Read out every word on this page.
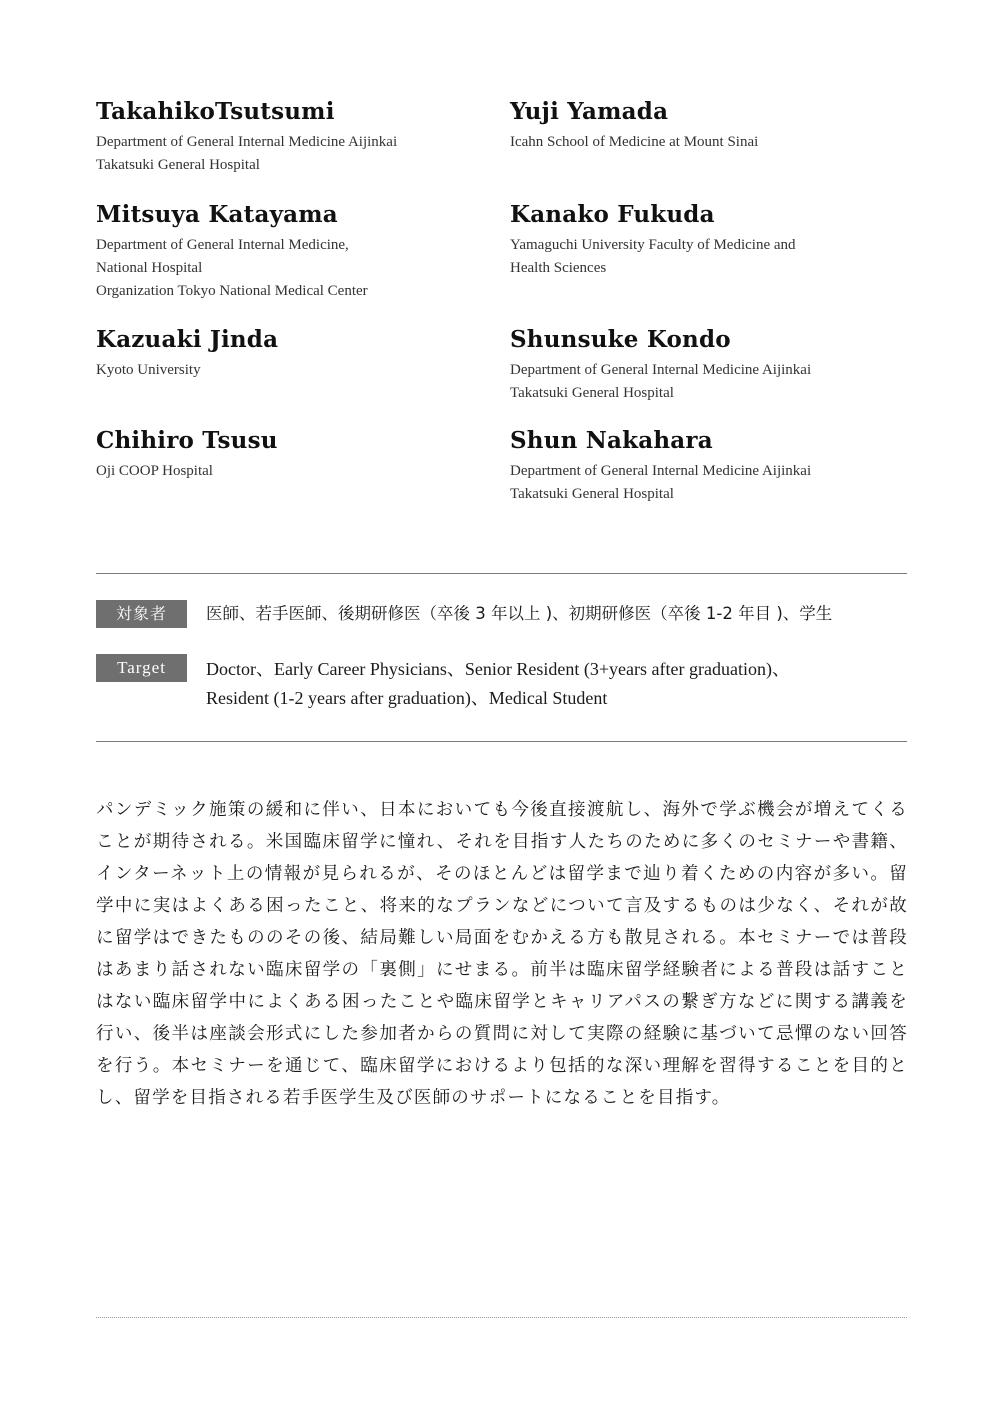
TakahikoTsutsumi
Department of General Internal Medicine Aijinkai
Takatsuki General Hospital
Yuji Yamada
Icahn School of Medicine at Mount Sinai
Mitsuya Katayama
Department of General Internal Medicine,
National Hospital
Organization Tokyo National Medical Center
Kanako Fukuda
Yamaguchi University Faculty of Medicine and
Health Sciences
Kazuaki Jinda
Kyoto University
Shunsuke Kondo
Department of General Internal Medicine Aijinkai
Takatsuki General Hospital
Chihiro Tsusu
Oji COOP Hospital
Shun Nakahara
Department of General Internal Medicine Aijinkai
Takatsuki General Hospital
対象者	医師、若手医師、後期研修医（卒後 3 年以上 )、初期研修医（卒後 1-2 年目 )、学生
Target	Doctor、Early Career Physicians、Senior Resident (3+years after graduation)、
Resident (1-2 years after graduation)、Medical Student

パンデミック施策の緩和に伴い、日本においても今後直接渡航し、海外で学ぶ機会が増えてくることが期待される。米国臨床留学に憧れ、それを目指す人たちのために多くのセミナーや書籍、インターネット上の情報が見られるが、そのほとんどは留学まで辿り着くための内容が多い。留学中に実はよくある困ったこと、将来的なプランなどについて言及するものは少なく、それが故に留学はできたもののその後、結局難しい局面をむかえる方も散見される。本セミナーでは普段はあまり話されない臨床留学の「裏側」にせまる。前半は臨床留学経験者による普段は話すことはない臨床留学中によくある困ったことや臨床留学とキャリアパスの繋ぎ方などに関する講義を行い、後半は座談会形式にした参加者からの質問に対して実際の経験に基づいて忌憚のない回答を行う。本セミナーを通じて、臨床留学におけるより包括的な深い理解を習得することを目的とし、留学を目指される若手医学生及び医師のサポートになることを目指す。
